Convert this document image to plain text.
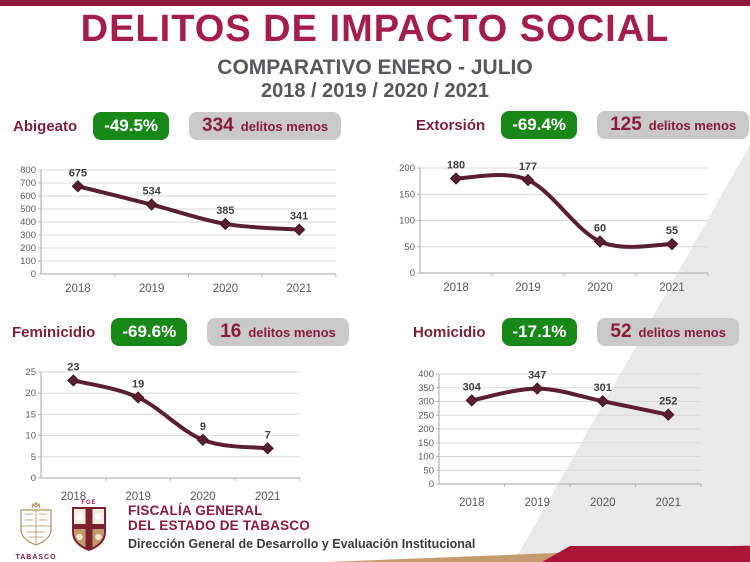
DELITOS DE IMPACTO SOCIAL
COMPARATIVO ENERO - JULIO
2018 / 2019 / 2020 / 2021
Abigeato	-49.5%	334 delitos menos
0
100
200
300
400
500
600
700
800	675
2018
534
2019
385
2020
341
2021
Extorsión	-69.4%	125 delitos menos
0
50
100
150
200	180
2018
177
2019
60
2020
55
2021
Feminicidio	-69.6%	16 delitos menos
0
5
10
15
20
25	23
2018
19
2019
9
2020
7
2021
Homicidio	-17.1%	52 delitos menos
0
50
100
150
200
250
300
350
400
304
2018
347
2019
301
2020
252
2021
TABASCO
FGE	FISCALÍA GENERAL
DEL ESTADO DE TABASCO
Dirección General de Desarrollo y Evaluación Institucional
